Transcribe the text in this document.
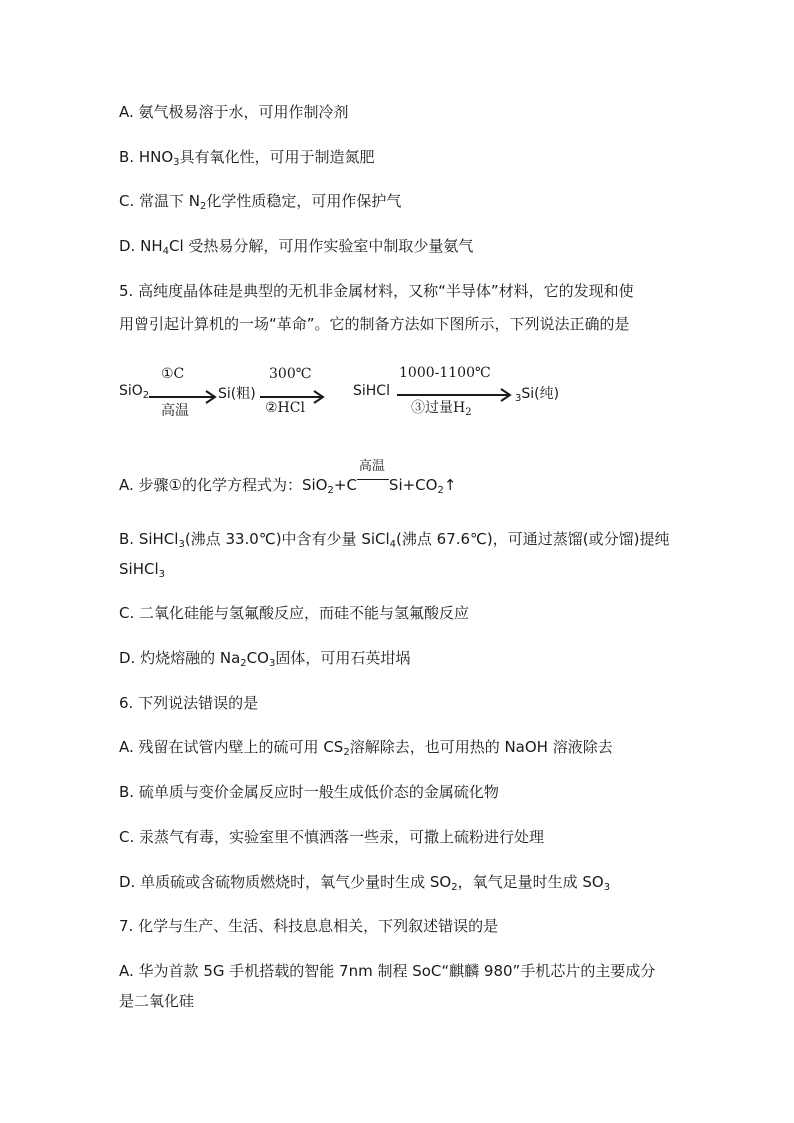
A. 氨气极易溶于水，可用作制冷剂
B. $HNO_3$具有氧化性，可用于制造氮肥
C. 常温下 $N_2$化学性质稳定，可用作保护气
D. $NH_4Cl$ 受热易分解，可用作实验室中制取少量氨气
5. 高纯度晶体硅是典型的无机非金属材料，又称“半导体”材料，它的发现和使
用曾引起计算机的一场“革命”。它的制备方法如下图所示，下列说法正确的是
SiO$_2$
①C
高温
Si(粗)
300℃
②HCl
SiHCl
1000-1100℃
③过量$H_2$
$_3$Si(纯)
A. 步骤①的化学方程式为：SiO$_2$+C
高温
$Si+CO_2↑$
B. SiHCl$_3$(沸点 33.0℃)中含有少量 SiCl$_4$(沸点 67.6℃)，可通过蒸馏(或分馏)提纯
SiHCl$_3$
C. 二氧化硅能与氢氟酸反应，而硅不能与氢氟酸反应
D. 灼烧熔融的 $Na_2CO_3$固体，可用石英坩埚
6. 下列说法错误的是
A. 残留在试管内壁上的硫可用 $CS_2$溶解除去，也可用热的 NaOH 溶液除去
B. 硫单质与变价金属反应时一般生成低价态的金属硫化物
C. 汞蒸气有毒，实验室里不慎洒落一些汞，可撒上硫粉进行处理
D. 单质硫或含硫物质燃烧时，氧气少量时生成 $SO_2$，氧气足量时生成 $SO_3$
7. 化学与生产、生活、科技息息相关，下列叙述错误的是
A. 华为首款 5G 手机搭载的智能 7nm 制程 SoC“麒麟 980”手机芯片的主要成分
是二氧化硅
